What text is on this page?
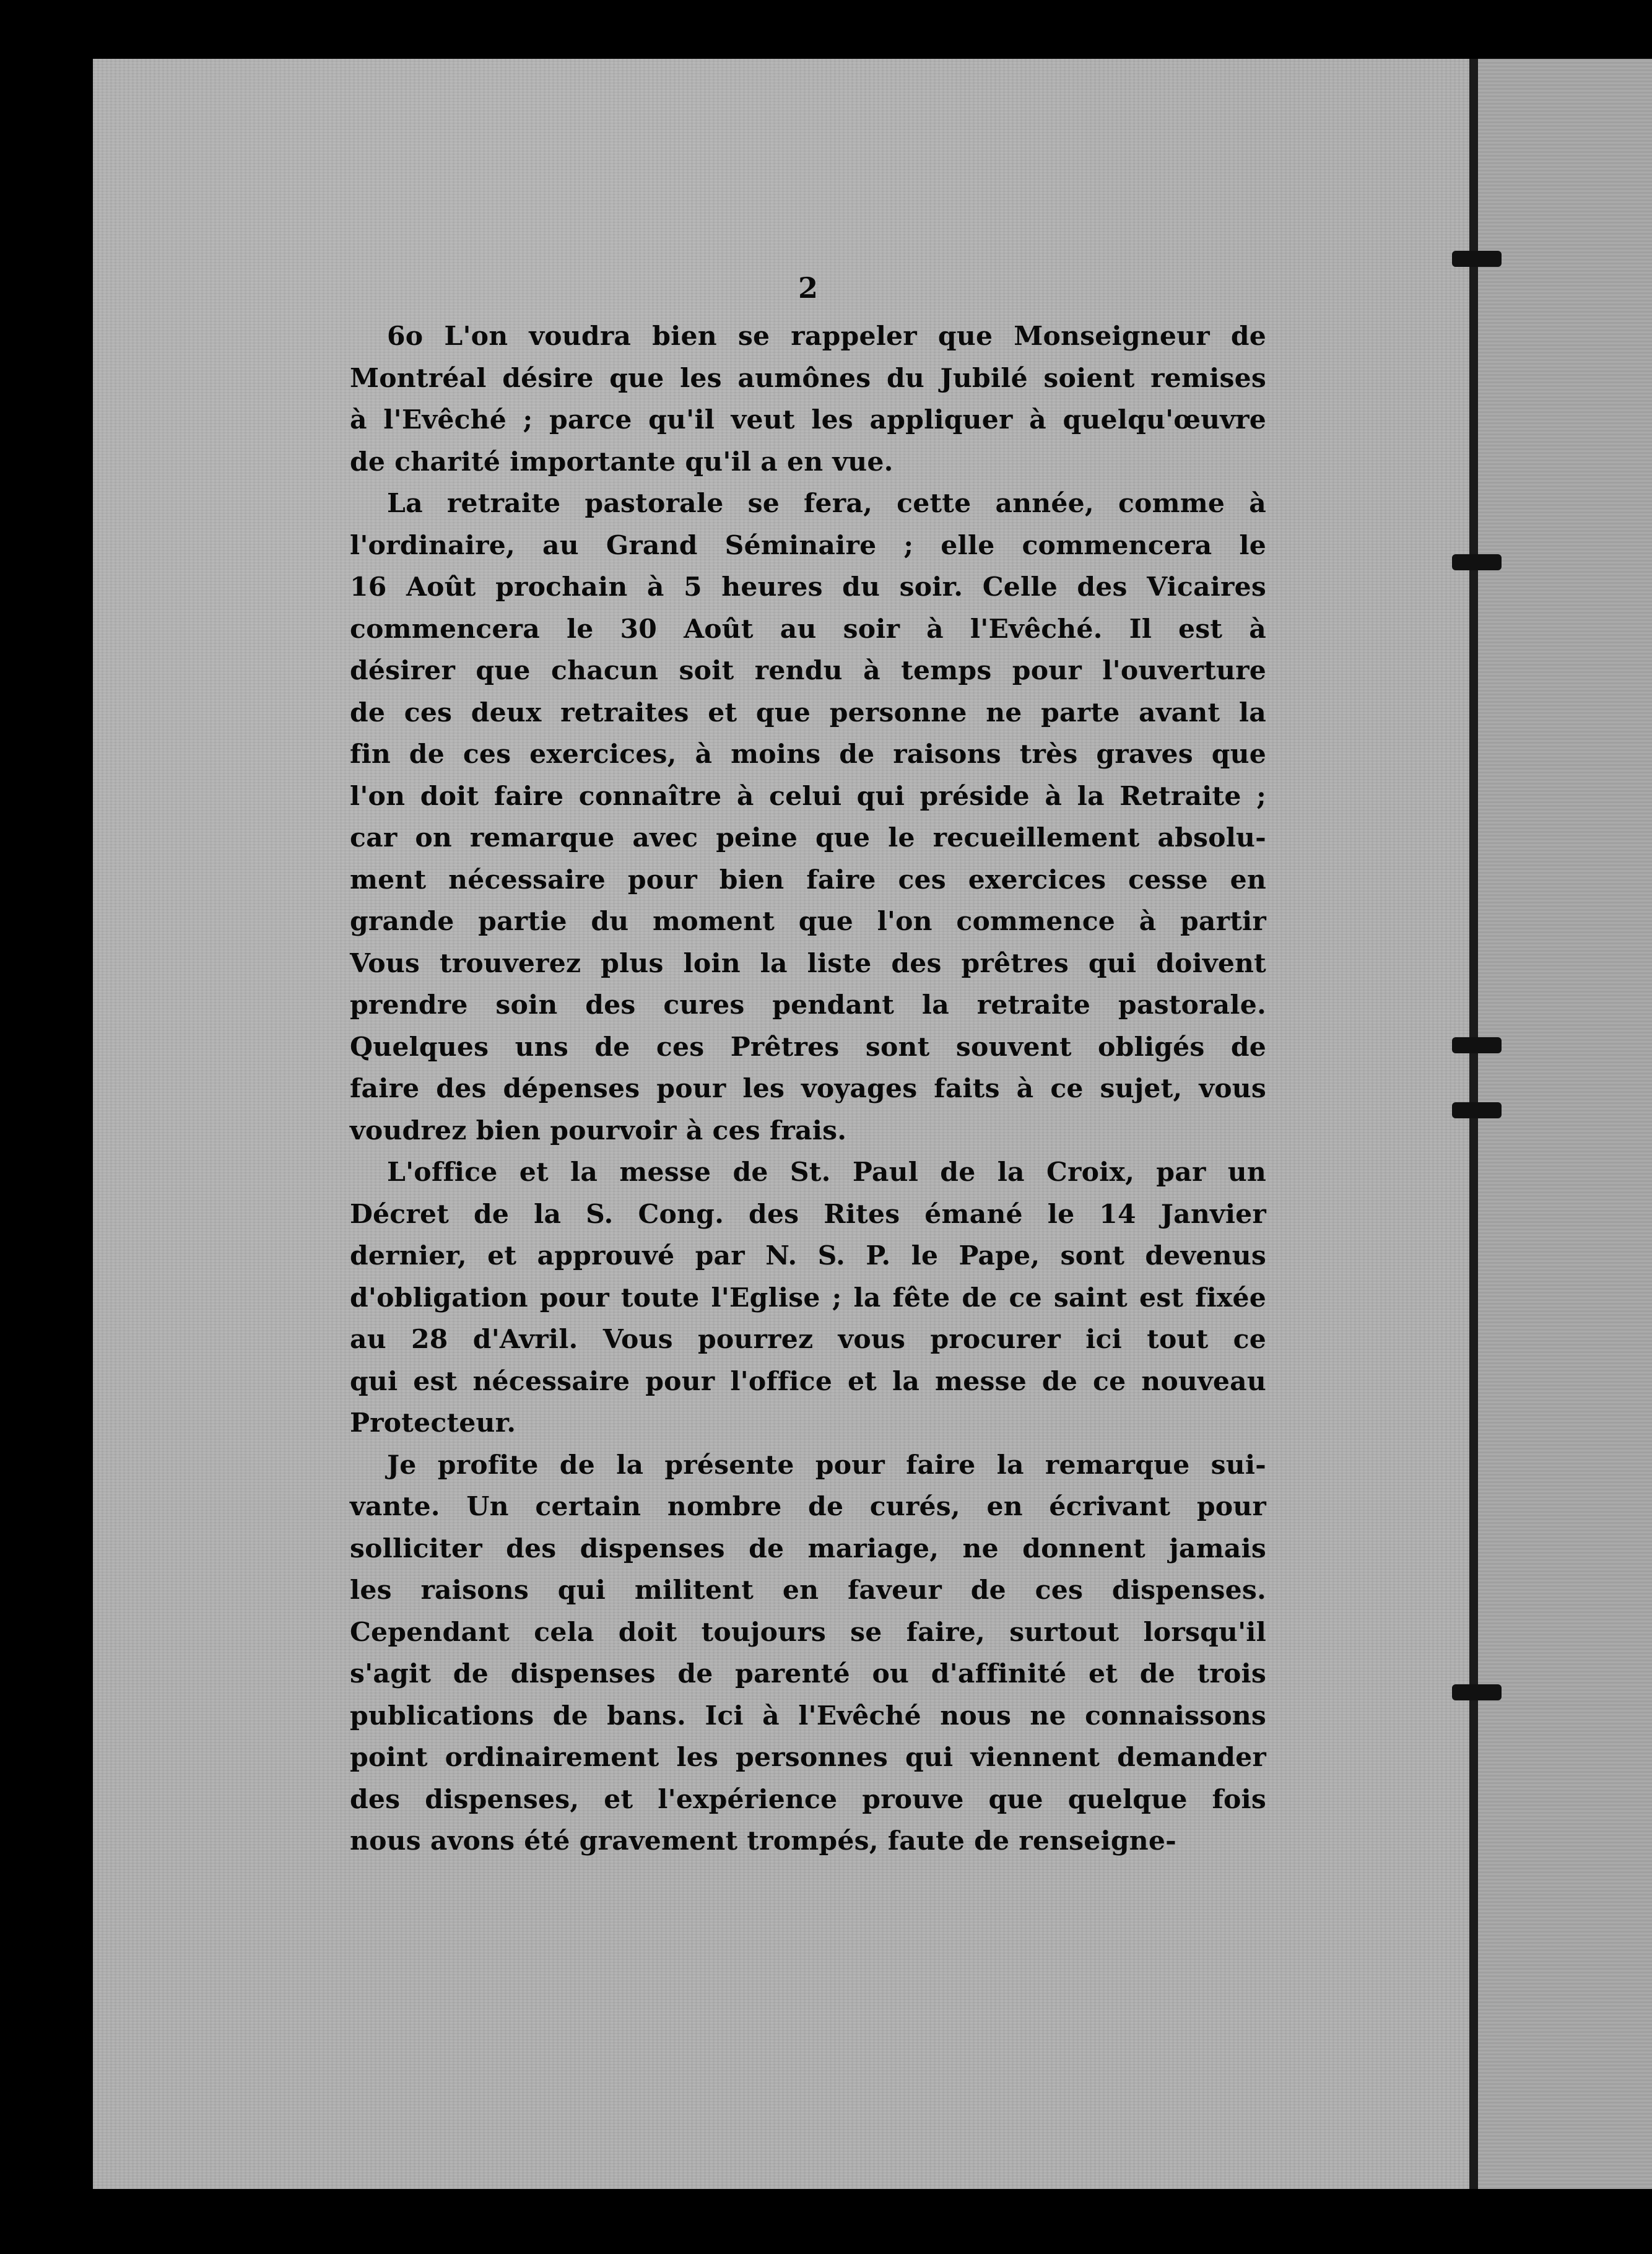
2
6o L'on voudra bien se rappeler que Monseigneur de
Montréal désire que les aumônes du Jubilé soient remises
à l'Evêché ; parce qu'il veut les appliquer à quelqu'œuvre
de charité importante qu'il a en vue.
La retraite pastorale se fera, cette année, comme à
l'ordinaire, au Grand Séminaire ; elle commencera le
16 Août prochain à 5 heures du soir. Celle des Vicaires
commencera le 30 Août au soir à l'Evêché. Il est à
désirer que chacun soit rendu à temps pour l'ouverture
de ces deux retraites et que personne ne parte avant la
fin de ces exercices, à moins de raisons très graves que
l'on doit faire connaître à celui qui préside à la Retraite ;
car on remarque avec peine que le recueillement absolu-
ment nécessaire pour bien faire ces exercices cesse en
grande partie du moment que l'on commence à partir
Vous trouverez plus loin la liste des prêtres qui doivent
prendre soin des cures pendant la retraite pastorale.
Quelques uns de ces Prêtres sont souvent obligés de
faire des dépenses pour les voyages faits à ce sujet, vous
voudrez bien pourvoir à ces frais.
L'office et la messe de St. Paul de la Croix, par un
Décret de la S. Cong. des Rites émané le 14 Janvier
dernier, et approuvé par N. S. P. le Pape, sont devenus
d'obligation pour toute l'Eglise ; la fête de ce saint est fixée
au 28 d'Avril. Vous pourrez vous procurer ici tout ce
qui est nécessaire pour l'office et la messe de ce nouveau
Protecteur.
Je profite de la présente pour faire la remarque sui-
vante. Un certain nombre de curés, en écrivant pour
solliciter des dispenses de mariage, ne donnent jamais
les raisons qui militent en faveur de ces dispenses.
Cependant cela doit toujours se faire, surtout lorsqu'il
s'agit de dispenses de parenté ou d'affinité et de trois
publications de bans. Ici à l'Evêché nous ne connaissons
point ordinairement les personnes qui viennent demander
des dispenses, et l'expérience prouve que quelque fois
nous avons été gravement trompés, faute de renseigne-
